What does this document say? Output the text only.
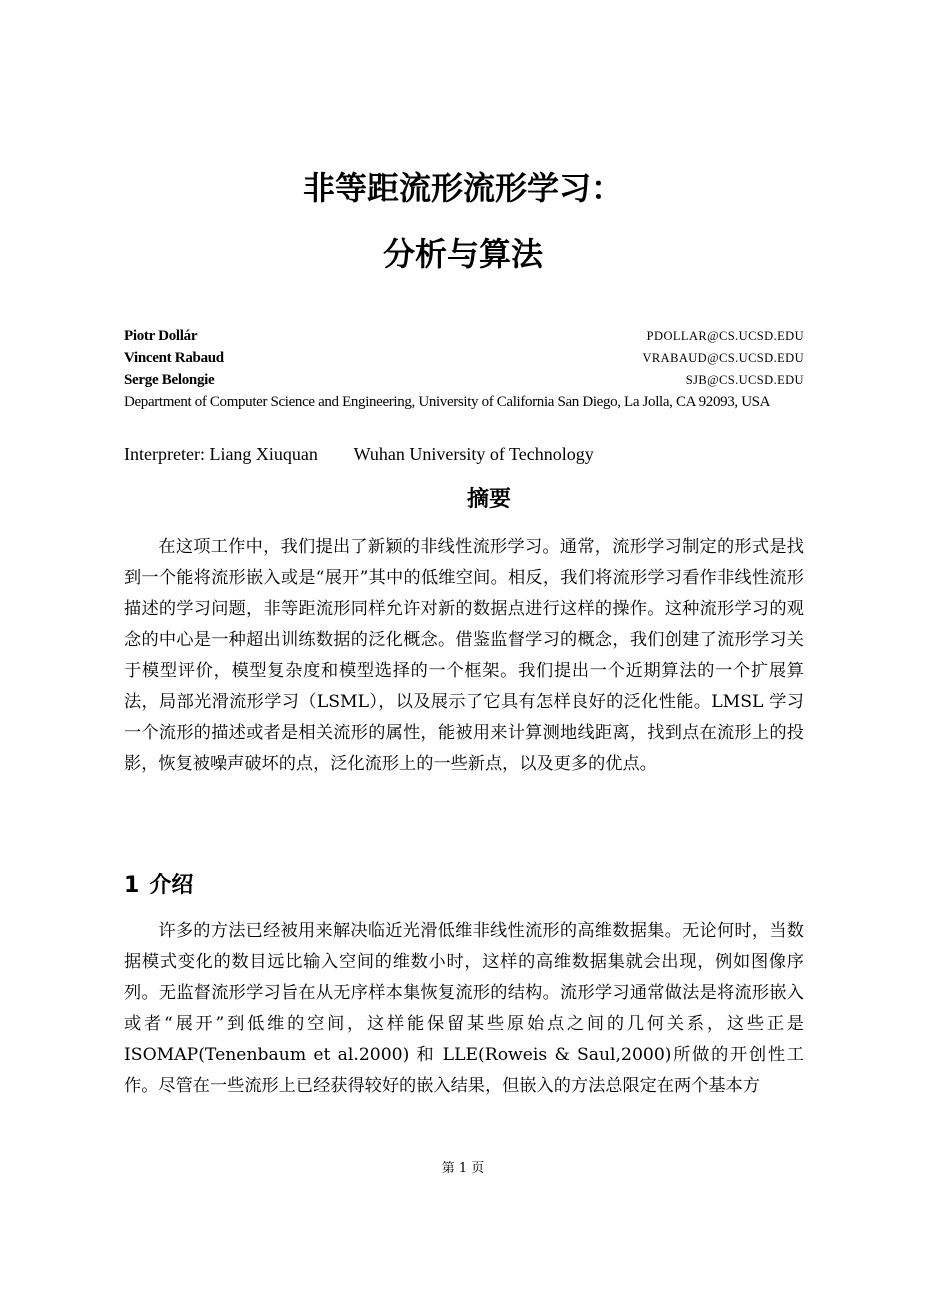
非等距流形流形学习：
分析与算法
Piotr Dollár	PDOLLAR@CS.UCSD.EDU
Vincent Rabaud	VRABAUD@CS.UCSD.EDU
Serge Belongie	SJB@CS.UCSD.EDU
Department of Computer Science and Engineering, University of California San Diego, La Jolla, CA 92093, USA
Interpreter: Liang Xiuquan Wuhan University of Technology
摘要
在这项工作中，我们提出了新颖的非线性流形学习。通常，流形学习制定的形式是找到一个能将流形嵌入或是“展开”其中的低维空间。相反，我们将流形学习看作非线性流形描述的学习问题，非等距流形同样允许对新的数据点进行这样的操作。这种流形学习的观念的中心是一种超出训练数据的泛化概念。借鉴监督学习的概念，我们创建了流形学习关于模型评价，模型复杂度和模型选择的一个框架。我们提出一个近期算法的一个扩展算法，局部光滑流形学习（LSML），以及展示了它具有怎样良好的泛化性能。LMSL 学习一个流形的描述或者是相关流形的属性，能被用来计算测地线距离，找到点在流形上的投影，恢复被噪声破坏的点，泛化流形上的一些新点，以及更多的优点。
1 介绍
许多的方法已经被用来解决临近光滑低维非线性流形的高维数据集。无论何时，当数据模式变化的数目远比输入空间的维数小时，这样的高维数据集就会出现，例如图像序列。无监督流形学习旨在从无序样本集恢复流形的结构。流形学习通常做法是将流形嵌入或者“展开”到低维的空间，这样能保留某些原始点之间的几何关系，这些正是 ISOMAP(Tenenbaum et al.2000) 和 LLE(Roweis & Saul,2000)所做的开创性工作。尽管在一些流形上已经获得较好的嵌入结果，但嵌入的方法总限定在两个基本方
第 1 页
